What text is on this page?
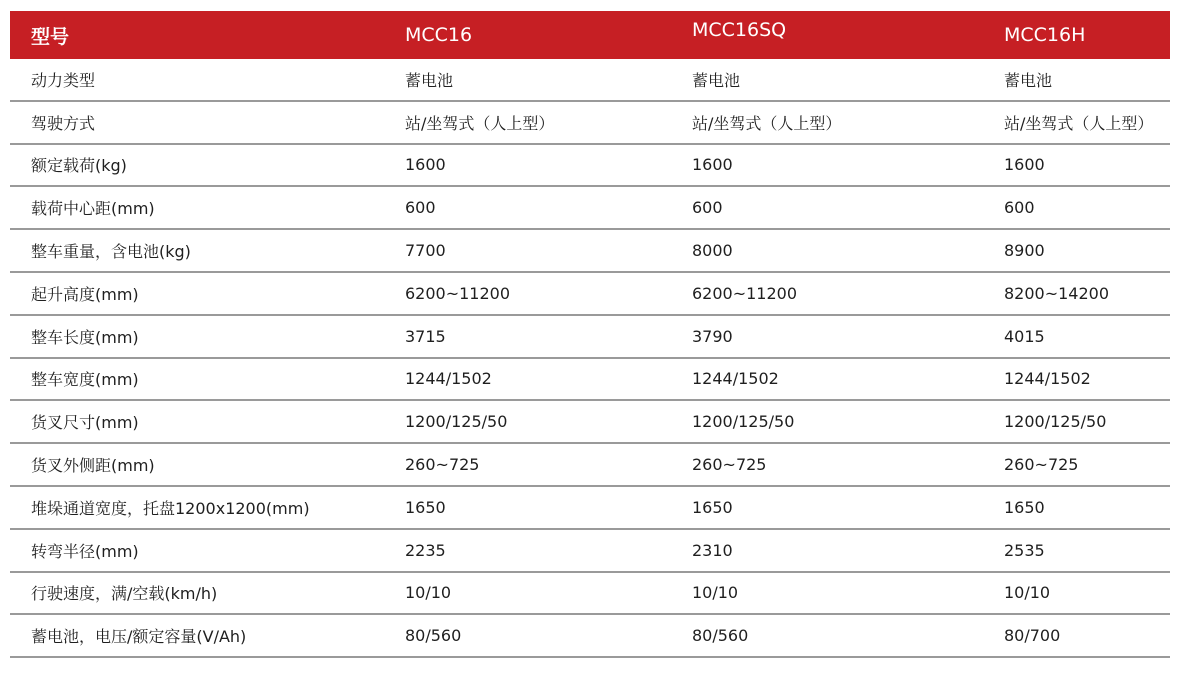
型号	MCC16	MCC16SQ	MCC16H
动力类型	蓄电池	蓄电池	蓄电池
驾驶方式	站/坐驾式（人上型）	站/坐驾式（人上型）	站/坐驾式（人上型）
额定载荷(kg)	1600	1600	1600
载荷中心距(mm)	600	600	600
整车重量，含电池(kg)	7700	8000	8900
起升高度(mm)	6200~11200	6200~11200	8200~14200
整车长度(mm)	3715	3790	4015
整车宽度(mm)	1244/1502	1244/1502	1244/1502
货叉尺寸(mm)	1200/125/50	1200/125/50	1200/125/50
货叉外侧距(mm)	260~725	260~725	260~725
堆垛通道宽度，托盘1200x1200(mm)	1650	1650	1650
转弯半径(mm)	2235	2310	2535
行驶速度，满/空载(km/h)	10/10	10/10	10/10
蓄电池，电压/额定容量(V/Ah)	80/560	80/560	80/700
